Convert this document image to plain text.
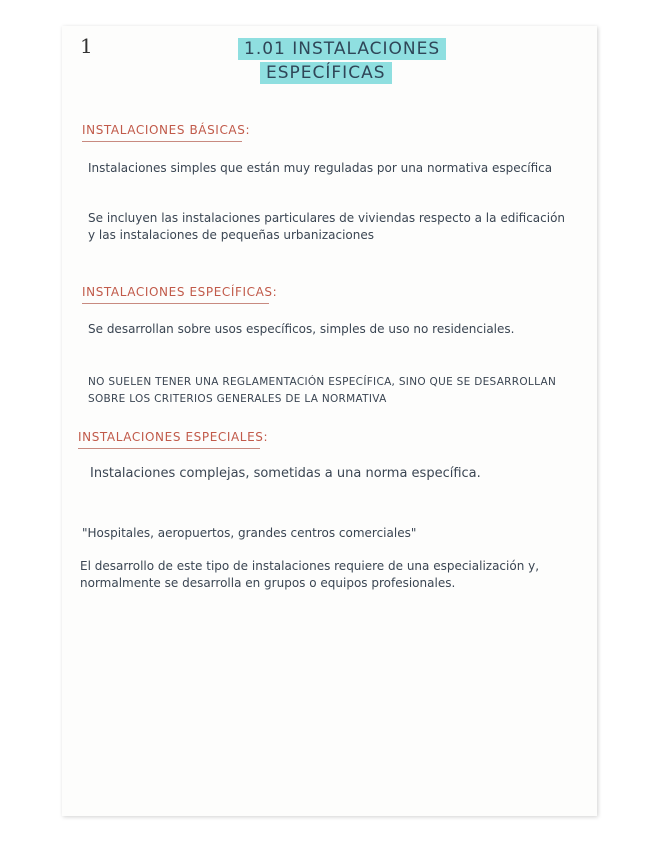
1	1.01 INSTALACIONES
ESPECÍFICAS
INSTALACIONES BÁSICAS:
Instalaciones simples que están muy reguladas por una normativa específica
Se incluyen las instalaciones particulares de viviendas respecto a la edificación y las instalaciones de pequeñas urbanizaciones
INSTALACIONES ESPECÍFICAS:
Se desarrollan sobre usos específicos, simples de uso no residenciales.
NO SUELEN TENER UNA REGLAMENTACIÓN ESPECÍFICA, SINO QUE SE DESARROLLAN SOBRE LOS CRITERIOS GENERALES DE LA NORMATIVA
INSTALACIONES ESPECIALES:
Instalaciones complejas, sometidas a una norma específica.
"Hospitales, aeropuertos, grandes centros comerciales"
El desarrollo de este tipo de instalaciones requiere de una especialización y, normalmente se desarrolla en grupos o equipos profesionales.
